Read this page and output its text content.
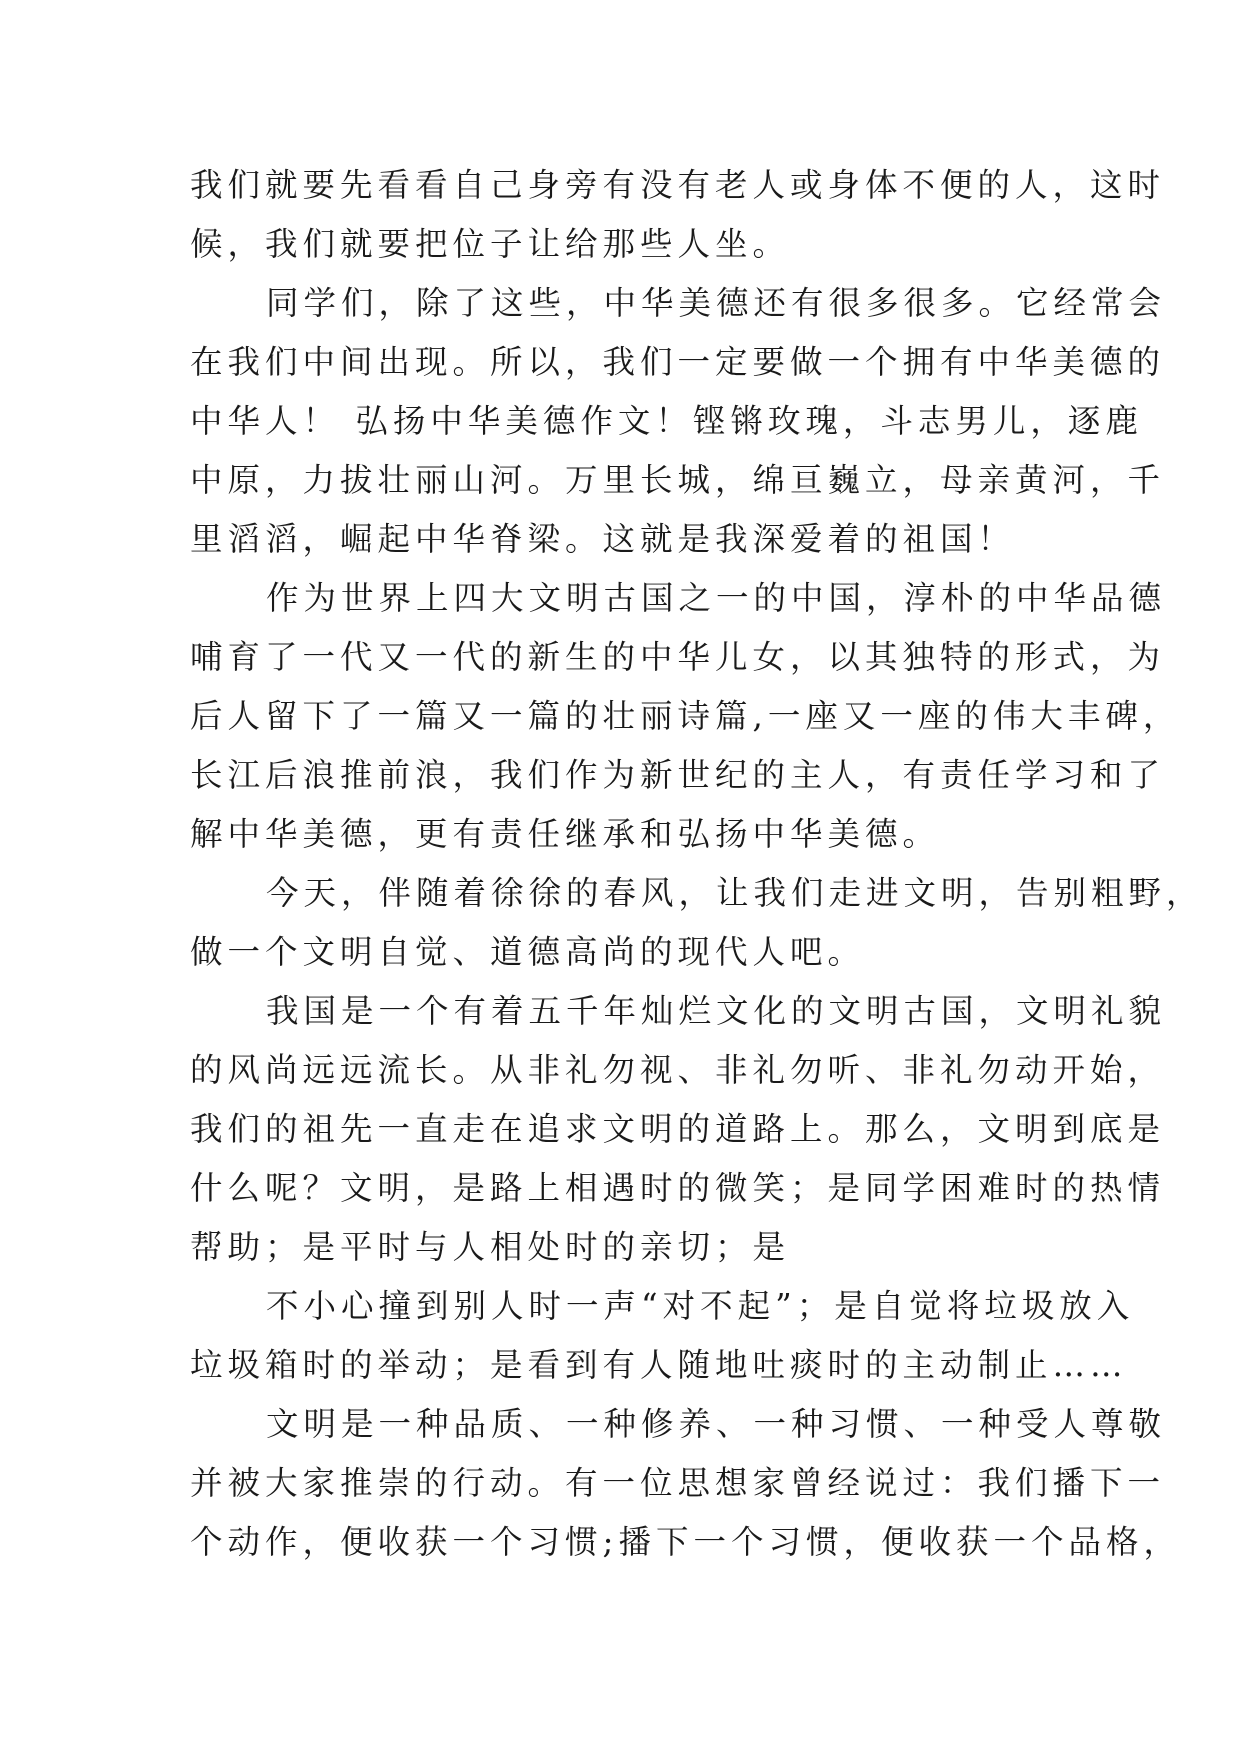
我们就要先看看自己身旁有没有老人或身体不便的人，这时
候，我们就要把位子让给那些人坐。
同学们，除了这些，中华美德还有很多很多。它经常会
在我们中间出现。所以，我们一定要做一个拥有中华美德的
中华人！ 弘扬中华美德作文！铿锵玫瑰，斗志男儿，逐鹿
中原，力拔壮丽山河。万里长城，绵亘巍立，母亲黄河，千
里滔滔，崛起中华脊梁。这就是我深爱着的祖国！
作为世界上四大文明古国之一的中国，淳朴的中华品德
哺育了一代又一代的新生的中华儿女，以其独特的形式，为
后人留下了一篇又一篇的壮丽诗篇,一座又一座的伟大丰碑，
长江后浪推前浪，我们作为新世纪的主人，有责任学习和了
解中华美德，更有责任继承和弘扬中华美德。
今天，伴随着徐徐的春风，让我们走进文明，告别粗野，
做一个文明自觉、道德高尚的现代人吧。
我国是一个有着五千年灿烂文化的文明古国，文明礼貌
的风尚远远流长。从非礼勿视、非礼勿听、非礼勿动开始，
我们的祖先一直走在追求文明的道路上。那么，文明到底是
什么呢？文明，是路上相遇时的微笑；是同学困难时的热情
帮助；是平时与人相处时的亲切；是
不小心撞到别人时一声“对不起”；是自觉将垃圾放入
垃圾箱时的举动；是看到有人随地吐痰时的主动制止……
文明是一种品质、一种修养、一种习惯、一种受人尊敬
并被大家推崇的行动。有一位思想家曾经说过：我们播下一
个动作，便收获一个习惯;播下一个习惯，便收获一个品格，
